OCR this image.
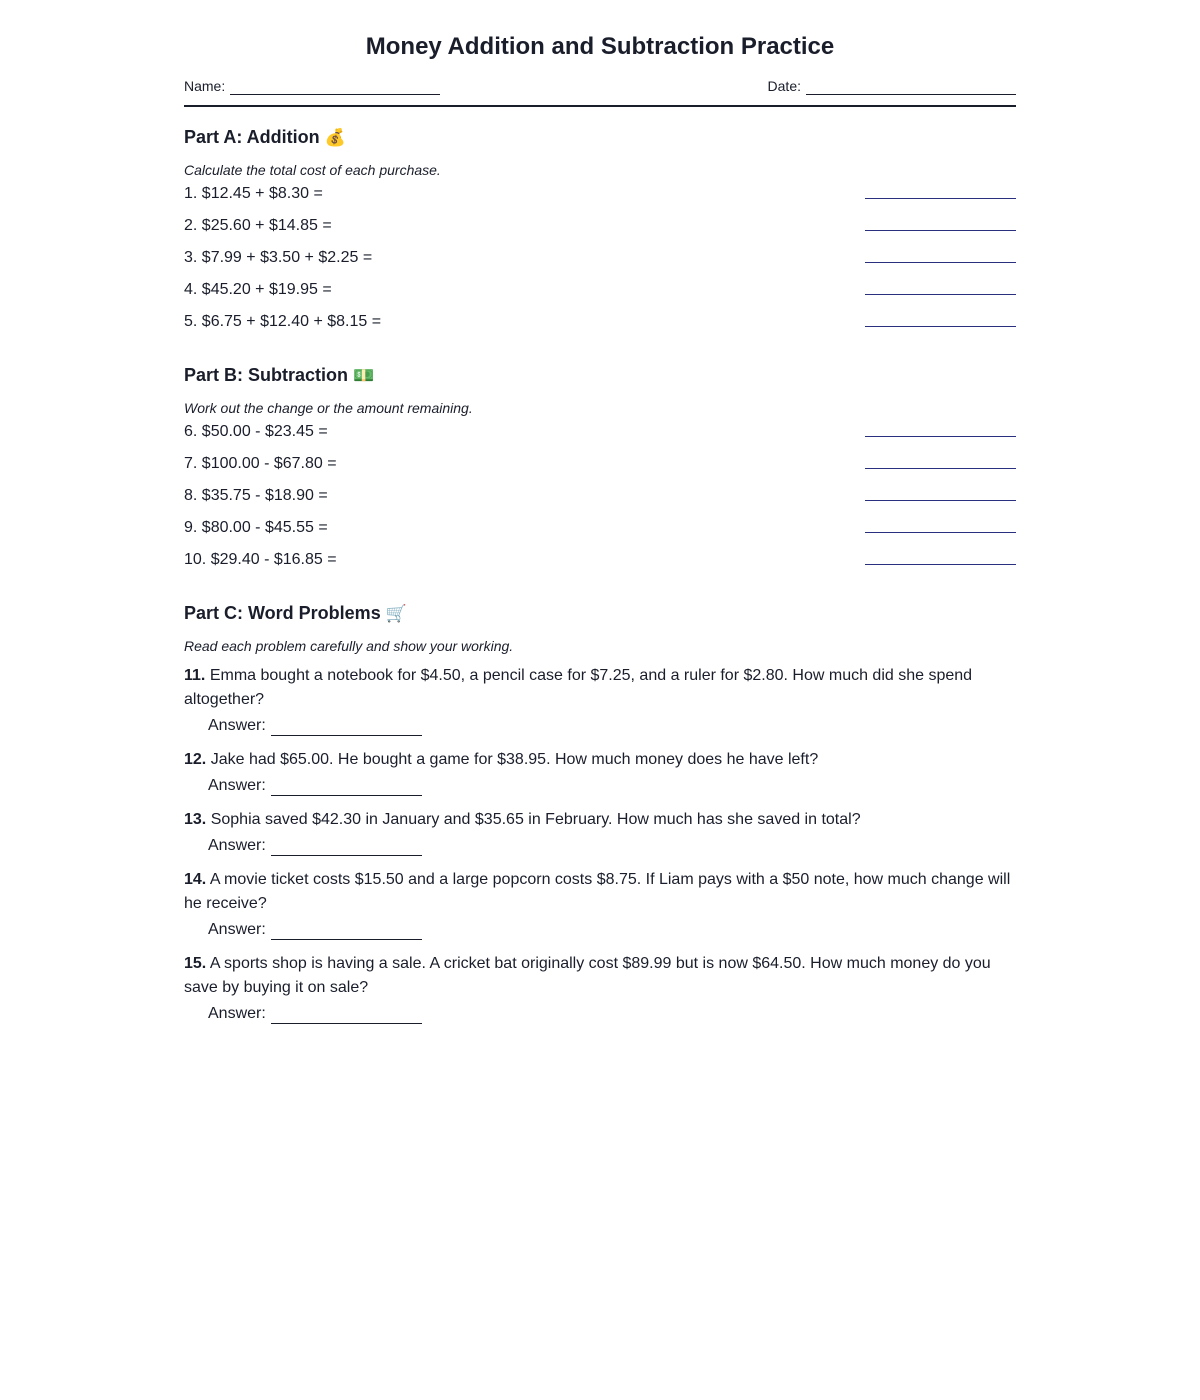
Money Addition and Subtraction Practice
Name:	Date:
Part A: Addition 💰
Calculate the total cost of each purchase.
1. $12.45 + $8.30 =
2. $25.60 + $14.85 =
3. $7.99 + $3.50 + $2.25 =
4. $45.20 + $19.95 =
5. $6.75 + $12.40 + $8.15 =
Part B: Subtraction 💵
Work out the change or the amount remaining.
6. $50.00 - $23.45 =
7. $100.00 - $67.80 =
8. $35.75 - $18.90 =
9. $80.00 - $45.55 =
10. $29.40 - $16.85 =
Part C: Word Problems 🛒
Read each problem carefully and show your working.
11. Emma bought a notebook for $4.50, a pencil case for $7.25, and a ruler for $2.80. How much did she spend altogether?
Answer:
12. Jake had $65.00. He bought a game for $38.95. How much money does he have left?
Answer:
13. Sophia saved $42.30 in January and $35.65 in February. How much has she saved in total?
Answer:
14. A movie ticket costs $15.50 and a large popcorn costs $8.75. If Liam pays with a $50 note, how much change will he receive?
Answer:
15. A sports shop is having a sale. A cricket bat originally cost $89.99 but is now $64.50. How much money do you save by buying it on sale?
Answer:
